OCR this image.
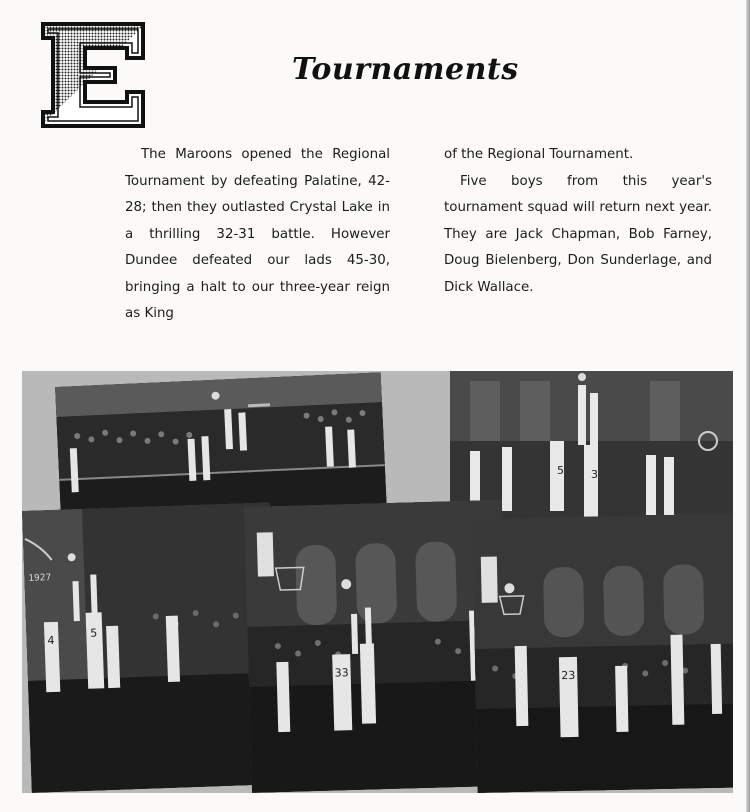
Tournaments

The Maroons opened the Regional Tournament by defeating Palatine, 42-28; then they outlasted Crystal Lake in a thrilling 32-31 battle. However Dundee defeated our lads 45-30, bringing a halt to our three-year reign as King

of the Regional Tournament.

Five boys from this year's tournament squad will return next year. They are Jack Chapman, Bob Farney, Doug Bielenberg, Don Sunderlage, and Dick Wallace.

5 3
1927
4
5
33	23
